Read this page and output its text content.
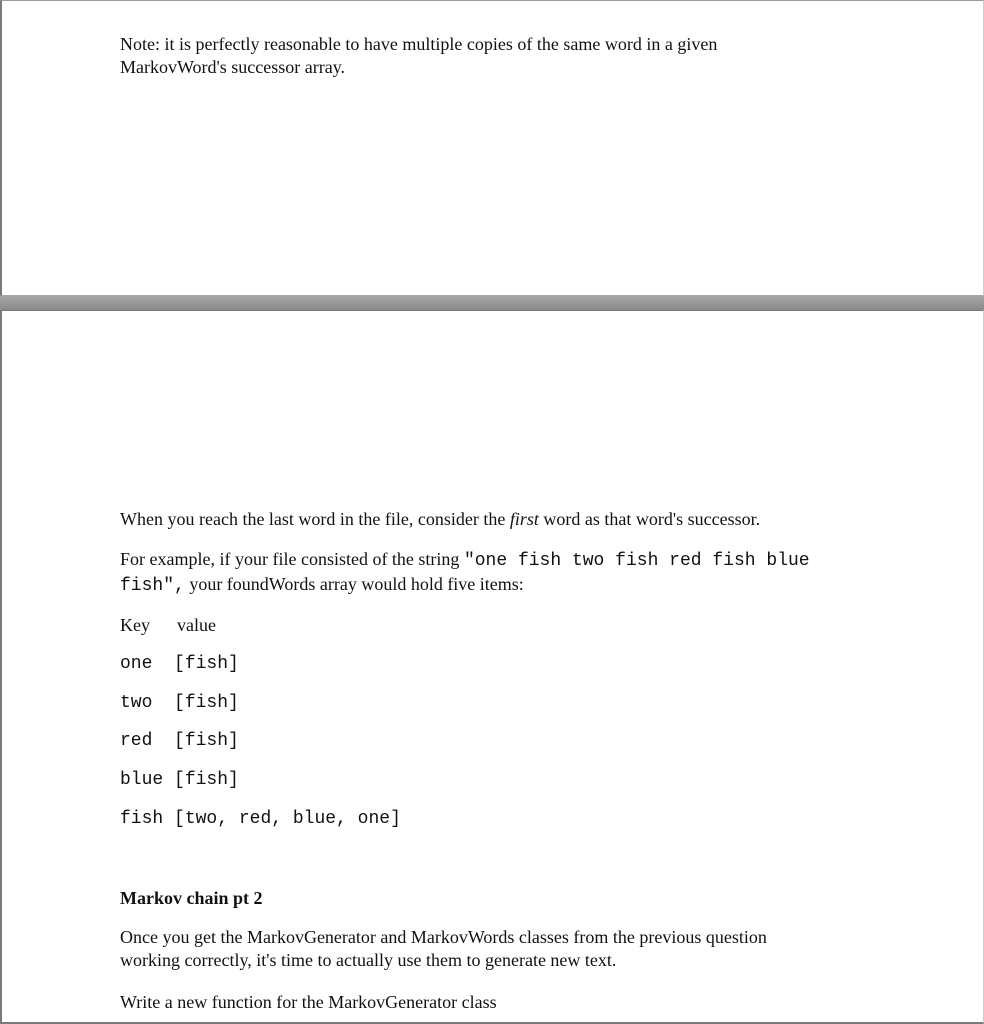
Note: it is perfectly reasonable to have multiple copies of the same word in a given
MarkovWord's successor array.

When you reach the last word in the file, consider the first word as that word's successor.

For example, if your file consisted of the string "one fish two fish red fish blue
fish", your foundWords array would hold five items:

Key value
one [fish]
two [fish]
red [fish]
blue [fish]
fish [two, red, blue, one]
Markov chain pt 2

Once you get the MarkovGenerator and MarkovWords classes from the previous question
working correctly, it's time to actually use them to generate new text.

Write a new function for the MarkovGenerator class
